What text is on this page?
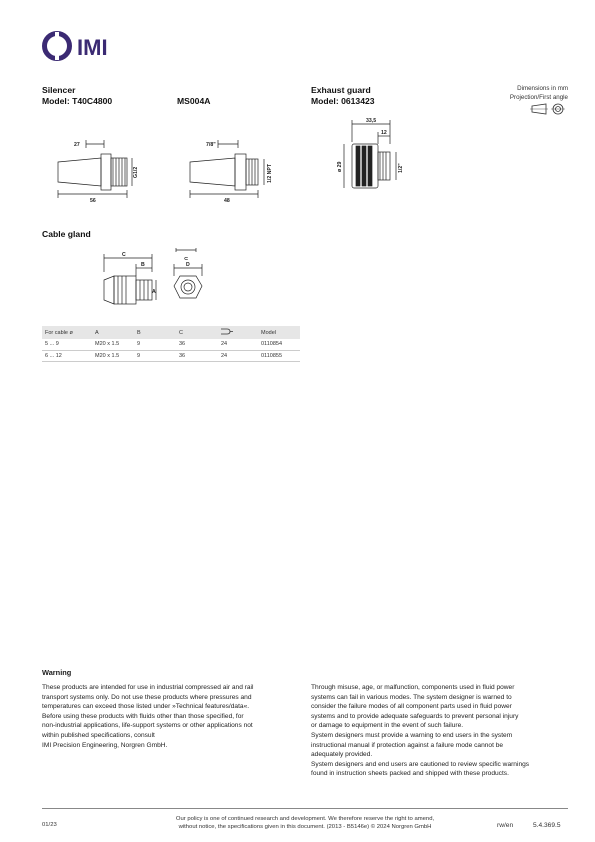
IMI
Silencer
Model: T40C4800	MS004A
Exhaust guard
Model: 0613423
Dimensions in mm
Projection/First angle
27
56
G1/2
7/8"
48
1/2 NPT
33,5
12
ø 29	1/2"
Cable gland
C
B
A
⊂
D
For cable ø	A	B	C		Model
5 ... 9	M20 x 1.5	9	36	24	0110854
6 ... 12	M20 x 1.5	9	36	24	0110855
Warning
These products are intended for use in industrial compressed air and rail
transport systems only. Do not use these products where pressures and
temperatures can exceed those listed under »Technical features/data«.
Before using these products with fluids other than those specified, for
non-industrial applications, life-support systems or other applications not
within published specifications, consult
IMI Precision Engineering, Norgren GmbH.
Through misuse, age, or malfunction, components used in fluid power
systems can fail in various modes. The system designer is warned to
consider the failure modes of all component parts used in fluid power
systems and to provide adequate safeguards to prevent personal injury
or damage to equipment in the event of such failure.
System designers must provide a warning to end users in the system
instructional manual if protection against a failure mode cannot be
adequately provided.
System designers and end users are cautioned to review specific warnings
found in instruction sheets packed and shipped with these products.
01/23
Our policy is one of continued research and development. We therefore reserve the right to amend,
without notice, the specifications given in this document. (2013 - B5146e) © 2024 Norgren GmbH	rw/en	5.4.369.5
